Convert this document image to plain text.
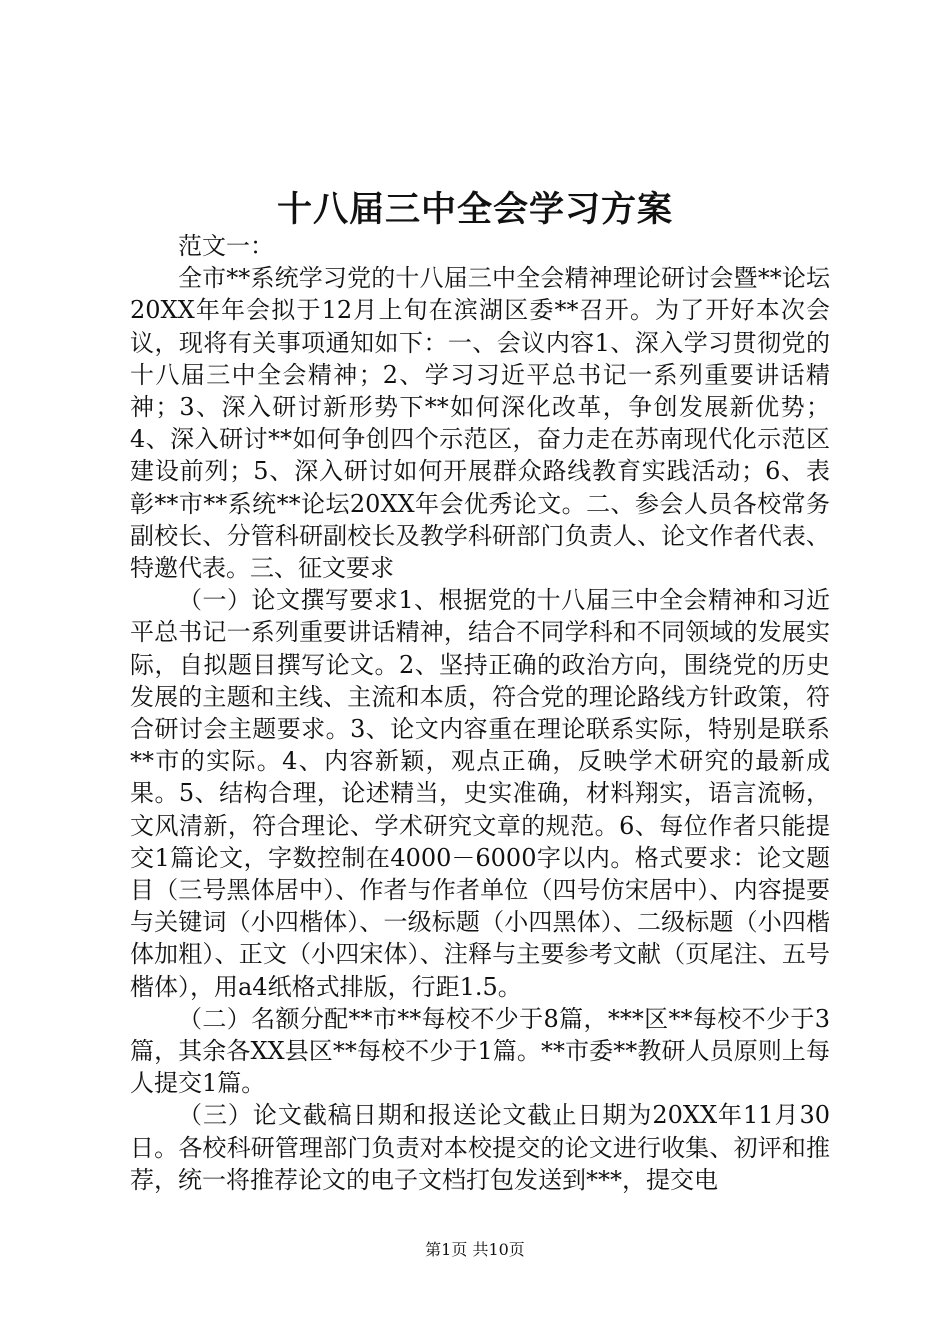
十八届三中全会学习方案

范文一：

全市**系统学习党的十八届三中全会精神理论研讨会暨**论坛20XX年年会拟于12月上旬在滨湖区委**召开。为了开好本次会议，现将有关事项通知如下：一、会议内容1、深入学习贯彻党的十八届三中全会精神；2、学习习近平总书记一系列重要讲话精神；3、深入研讨新形势下**如何深化改革，争创发展新优势；4、深入研讨**如何争创四个示范区，奋力走在苏南现代化示范区建设前列；5、深入研讨如何开展群众路线教育实践活动；6、表彰**市**系统**论坛20XX年会优秀论文。二、参会人员各校常务副校长、分管科研副校长及教学科研部门负责人、论文作者代表、特邀代表。三、征文要求

（一）论文撰写要求1、根据党的十八届三中全会精神和习近平总书记一系列重要讲话精神，结合不同学科和不同领域的发展实际，自拟题目撰写论文。2、坚持正确的政治方向，围绕党的历史发展的主题和主线、主流和本质，符合党的理论路线方针政策，符合研讨会主题要求。3、论文内容重在理论联系实际，特别是联系**市的实际。4、内容新颖，观点正确，反映学术研究的最新成果。5、结构合理，论述精当，史实准确，材料翔实，语言流畅，文风清新，符合理论、学术研究文章的规范。6、每位作者只能提交1篇论文，字数控制在4000－6000字以内。格式要求：论文题目（三号黑体居中）、作者与作者单位（四号仿宋居中）、内容提要与关键词（小四楷体）、一级标题（小四黑体）、二级标题（小四楷体加粗）、正文（小四宋体）、注释与主要参考文献（页尾注、五号楷体），用a4纸格式排版，行距1.5。

（二）名额分配**市**每校不少于8篇，***区**每校不少于3篇，其余各XX县区**每校不少于1篇。**市委**教研人员原则上每人提交1篇。

（三）论文截稿日期和报送论文截止日期为20XX年11月30日。各校科研管理部门负责对本校提交的论文进行收集、初评和推荐，统一将推荐论文的电子文档打包发送到***，提交电

第1页 共10页
